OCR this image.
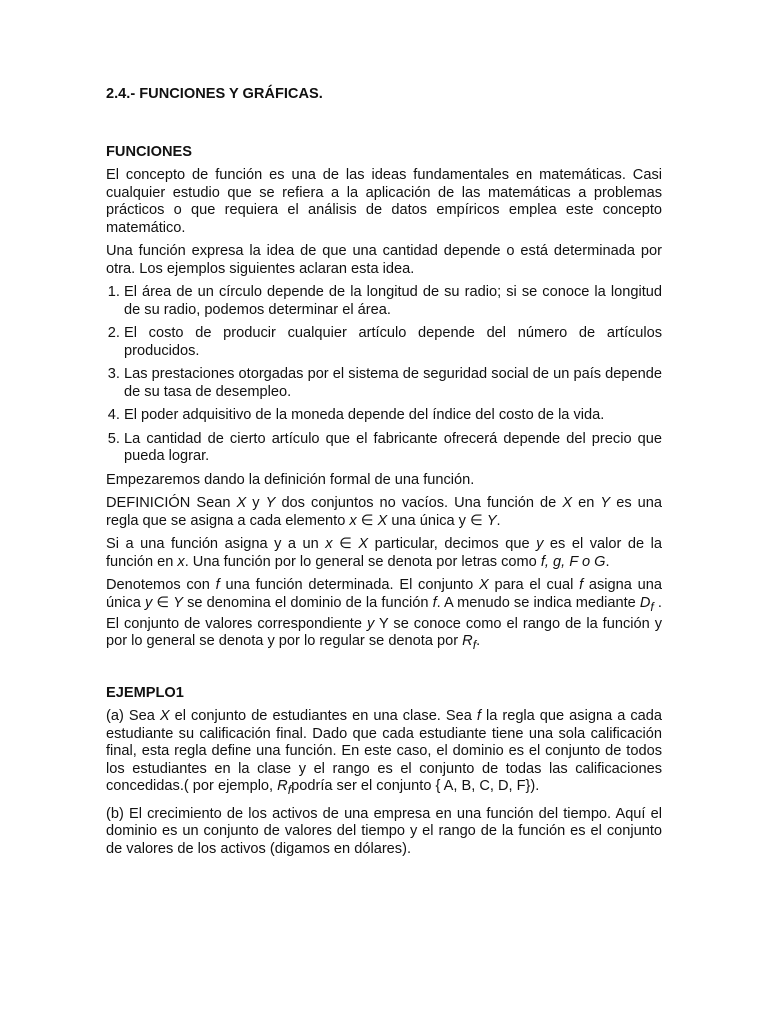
2.4.- FUNCIONES Y GRÁFICAS.
FUNCIONES

El concepto de función es una de las ideas fundamentales en matemáticas. Casi cualquier estudio que se refiera a la aplicación de las matemáticas a problemas prácticos o que requiera el análisis de datos empíricos emplea este concepto matemático.

Una función expresa la idea de que una cantidad depende o está determinada por otra. Los ejemplos siguientes aclaran esta idea.

1. El área de un círculo depende de la longitud de su radio; si se conoce la longitud de su radio, podemos determinar el área.
2. El costo de producir cualquier artículo depende del número de artículos producidos.
3. Las prestaciones otorgadas por el sistema de seguridad social de un país depende de su tasa de desempleo.
4. El poder adquisitivo de la moneda depende del índice del costo de la vida.
5. La cantidad de cierto artículo que el fabricante ofrecerá depende del precio que pueda lograr.

Empezaremos dando la definición formal de una función.

DEFINICIÓN Sean X y Y dos conjuntos no vacíos. Una función de X en Y es una regla que se asigna a cada elemento x ∈ X una única y ∈ Y.

Si a una función asigna y a un x ∈ X particular, decimos que y es el valor de la función en x. Una función por lo general se denota por letras como f, g, F o G.

Denotemos con f una función determinada. El conjunto X para el cual f asigna una única y ∈ Y se denomina el dominio de la función f. A menudo se indica mediante $D_f$ . El conjunto de valores correspondiente y Y se conoce como el rango de la función y por lo general se denota y por lo regular se denota por $R_f$.

EJEMPLO1

(a) Sea X el conjunto de estudiantes en una clase. Sea f la regla que asigna a cada estudiante su calificación final. Dado que cada estudiante tiene una sola calificación final, esta regla define una función. En este caso, el dominio es el conjunto de todos los estudiantes en la clase y el rango es el conjunto de todas las calificaciones concedidas.( por ejemplo, $R_fpodría$ ser el conjunto { A, B, C, D, F}).

(b) El crecimiento de los activos de una empresa en una función del tiempo. Aquí el dominio es un conjunto de valores del tiempo y el rango de la función es el conjunto de valores de los activos (digamos en dólares).
